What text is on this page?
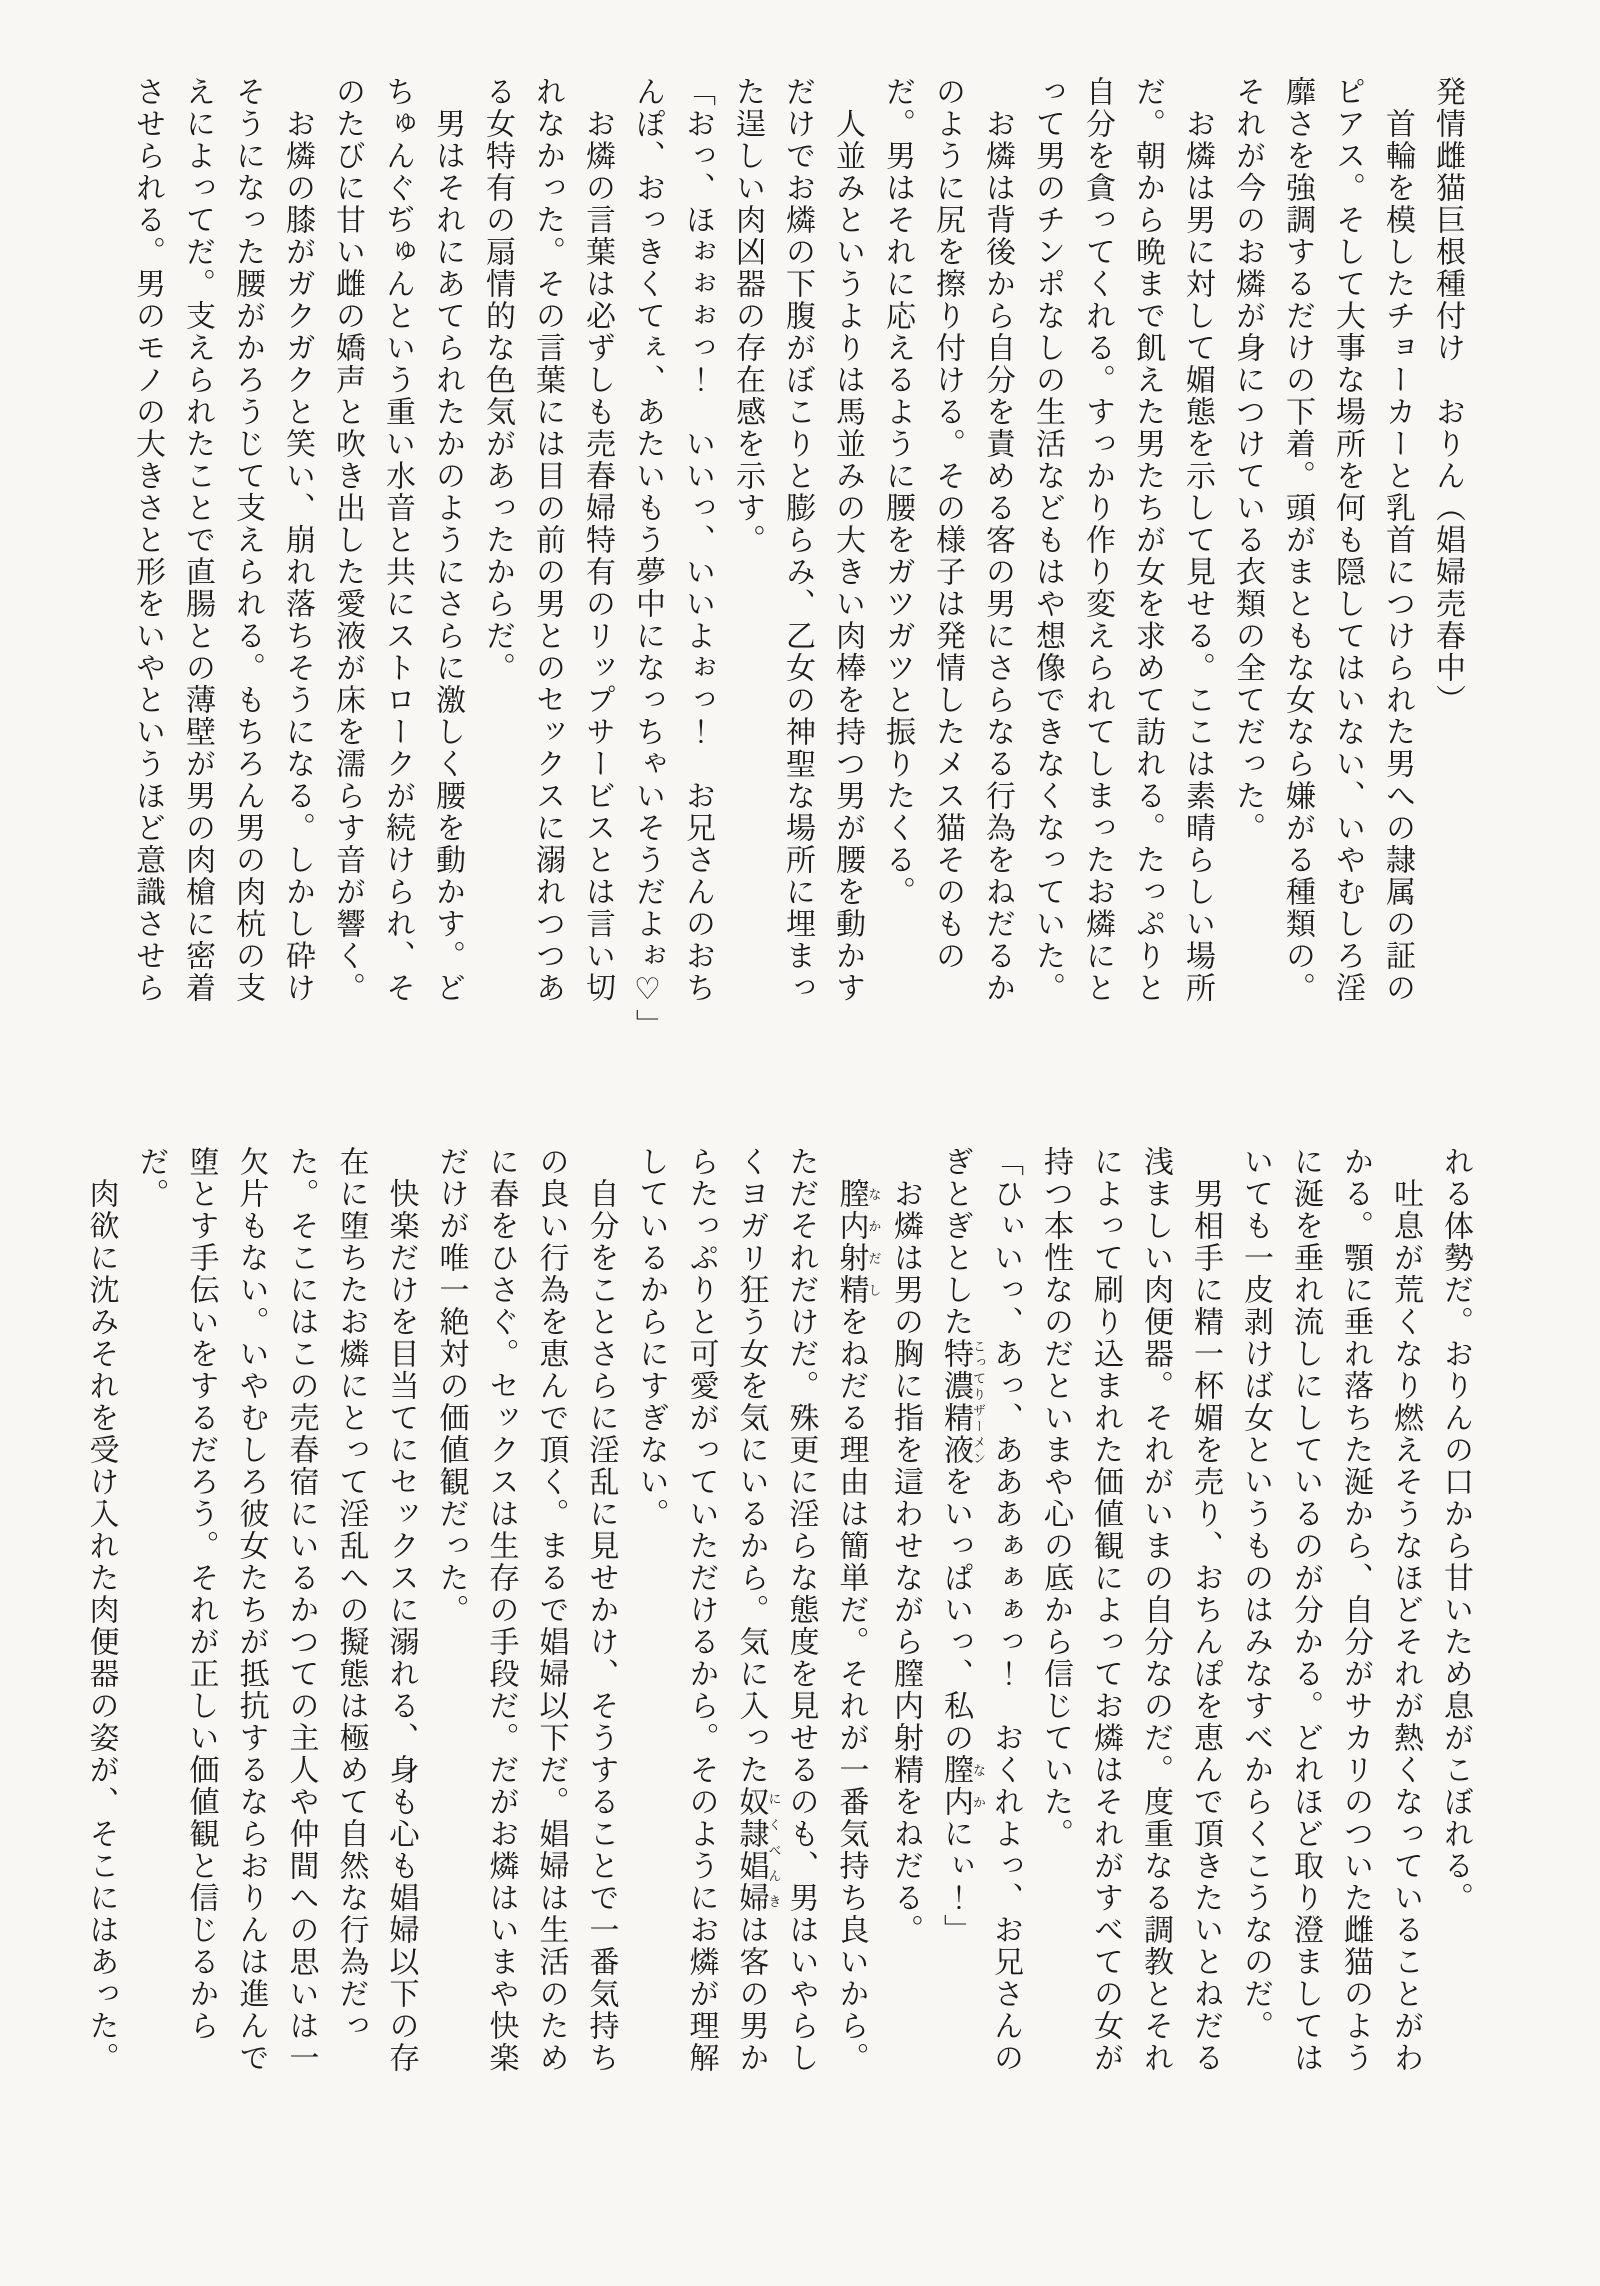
発情雌猫巨根種付け　おりん（娼婦売春中）

首輪を模したチョーカーと乳首につけられた男への隷属の証のピアス。そして大事な場所を何も隠してはいない、いやむしろ淫靡さを強調するだけの下着。頭がまともな女なら嫌がる種類の。それが今のお燐が身につけている衣類の全てだった。

お燐は男に対して媚態を示して見せる。ここは素晴らしい場所だ。朝から晩まで飢えた男たちが女を求めて訪れる。たっぷりと自分を貪ってくれる。すっかり作り変えられてしまったお燐にとって男のチンポなしの生活などもはや想像できなくなっていた。

お燐は背後から自分を責める客の男にさらなる行為をねだるかのように尻を擦り付ける。その様子は発情したメス猫そのものだ。男はそれに応えるように腰をガツガツと振りたくる。

人並みというよりは馬並みの大きい肉棒を持つ男が腰を動かすだけでお燐の下腹がぼこりと膨らみ、乙女の神聖な場所に埋まった逞しい肉凶器の存在感を示す。

「おっ、ほぉぉぉっ！　いいっ、いいよぉっ！　お兄さんのおちんぽ、おっきくてぇ、あたいもう夢中になっちゃいそうだよぉ♡」

お燐の言葉は必ずしも売春婦特有のリップサービスとは言い切れなかった。その言葉には目の前の男とのセックスに溺れつつある女特有の扇情的な色気があったからだ。

男はそれにあてられたかのようにさらに激しく腰を動かす。どちゅんぐぢゅんという重い水音と共にストロークが続けられ、そのたびに甘い雌の嬌声と吹き出した愛液が床を濡らす音が響く。

お燐の膝がガクガクと笑い、崩れ落ちそうになる。しかし砕けそうになった腰がかろうじて支えられる。もちろん男の肉杭の支えによってだ。支えられたことで直腸との薄壁が男の肉槍に密着させられる。男のモノの大きさと形をいやというほど意識させら

れる体勢だ。おりんの口から甘いため息がこぼれる。

吐息が荒くなり燃えそうなほどそれが熱くなっていることがわかる。顎に垂れ落ちた涎から、自分がサカリのついた雌猫のように涎を垂れ流しにしているのが分かる。どれほど取り澄ましてはいても一皮剥けば女というものはみなすべからくこうなのだ。

男相手に精一杯媚を売り、おちんぽを恵んで頂きたいとねだる浅ましい肉便器。それがいまの自分なのだ。度重なる調教とそれによって刷り込まれた価値観によってお燐はそれがすべての女が持つ本性なのだといまや心の底から信じていた。

「ひぃいっ、あっ、あああぁぁぁっ！　おくれよっ、お兄さんのぎとぎとした特濃精液こってりザーメンをいっぱいっ、私の膣内なかにぃ！」

お燐は男の胸に指を這わせながら膣内射精をねだる。

膣内射精なかだしをねだる理由は簡単だ。それが一番気持ち良いから。ただそれだけだ。殊更に淫らな態度を見せるのも、男はいやらしくヨガリ狂う女を気にいるから。気に入った奴隷娼婦にくべんきは客の男からたっぷりと可愛がっていただけるから。そのようにお燐が理解しているからにすぎない。

自分をことさらに淫乱に見せかけ、そうすることで一番気持ちの良い行為を恵んで頂く。まるで娼婦以下だ。娼婦は生活のために春をひさぐ。セックスは生存の手段だ。だがお燐はいまや快楽だけが唯一絶対の価値観だった。

快楽だけを目当てにセックスに溺れる、身も心も娼婦以下の存在に堕ちたお燐にとって淫乱への擬態は極めて自然な行為だった。そこにはこの売春宿にいるかつての主人や仲間への思いは一欠片もない。いやむしろ彼女たちが抵抗するならおりんは進んで堕とす手伝いをするだろう。それが正しい価値観と信じるからだ。

肉欲に沈みそれを受け入れた肉便器の姿が、そこにはあった。
